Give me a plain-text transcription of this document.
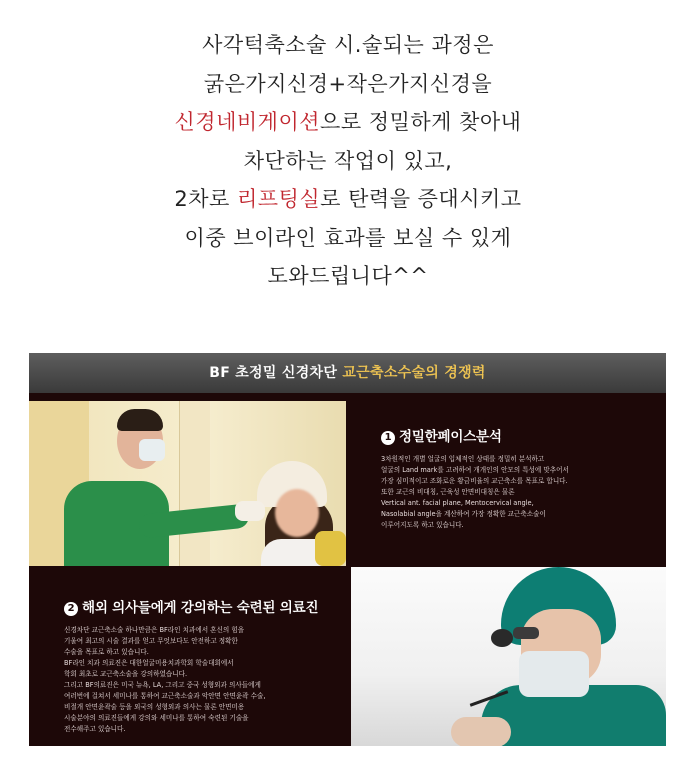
사각턱축소술 시.술되는 과정은
굵은가지신경+작은가지신경을
신경네비게이션으로 정밀하게 찾아내
차단하는 작업이 있고,
2차로 리프팅실로 탄력을 증대시키고
이중 브이라인 효과를 보실 수 있게
도와드립니다^^
BF 초정밀 신경차단 교근축소수술의 경쟁력
1 정밀한페이스분석
3차원적인 개별 얼굴의 입체적인 상태를 정밀히 분석하고
얼굴의 Land mark를 고려하여 개개인의 안모의 특성에 맞추어서
가장 심미적이고 조화로운 황금비율의 교근축소를 목표로 합니다.
또한 교근의 비대칭, 근육성 안면비대칭은 물론
Vertical ant. facial plane, Mentocervical angle,
Nasolabial angle을 계산하여 가장 정확한 교근축소술이
이루어지도록 하고 있습니다.
2 해외 의사들에게 강의하는 숙련된 의료진
신경차단 교근축소술 하나만큼은 BF라인 치과에서 혼신의 힘을
기울여 최고의 시술 결과를 얻고 무엇보다도 안전하고 정확한
수술을 목표로 하고 있습니다.
BF라인 치과 의료진은 대한얼굴미용치과학회 학술대회에서
학회 최초로 교근축소술을 강의하였습니다.
그리고 BF의료진은 미국 뉴욕, LA, 그리고 중국 성형외과 의사들에게
여러번에 걸쳐서 세미나를 통하여 교근축소술과 악안면 안면윤곽 수술,
비절개 안면윤곽술 등을 외국의 성형외과 의사는 물론 안면미용
시술분야의 의료진들에게 강의와 세미나를 통하여 숙련된 기술을
전수해주고 있습니다.
